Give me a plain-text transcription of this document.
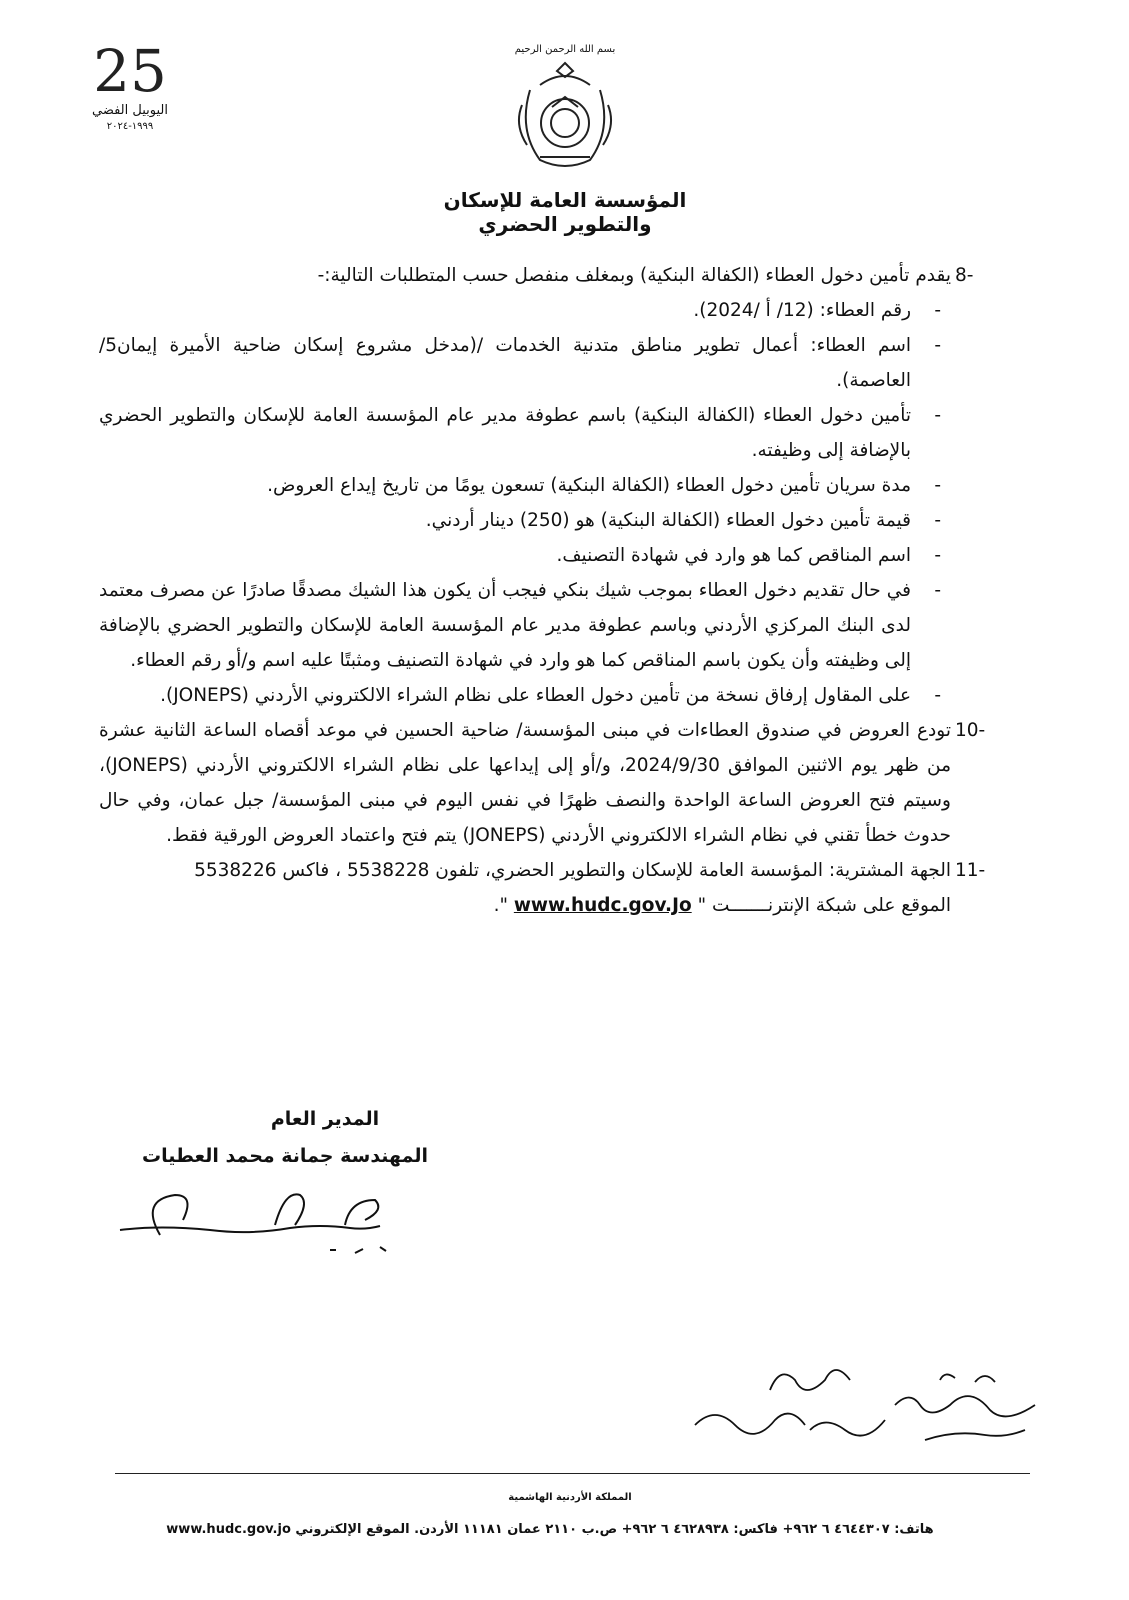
25
اليوبيل الفضي
١٩٩٩-٢٠٢٤
بسم الله الرحمن الرحيم
المؤسسة العامة للإسكان والتطوير الحضري
8-
يقدم تأمين دخول العطاء (الكفالة البنكية) وبمغلف منفصل حسب المتطلبات التالية:-
- رقم العطاء: (12/ أ /2024).
- اسم العطاء: أعمال تطوير مناطق متدنية الخدمات /(مدخل مشروع إسكان ضاحية الأميرة إيمان5/ العاصمة).
- تأمين دخول العطاء (الكفالة البنكية) باسم عطوفة مدير عام المؤسسة العامة للإسكان والتطوير الحضري بالإضافة إلى وظيفته.
- مدة سريان تأمين دخول العطاء (الكفالة البنكية) تسعون يومًا من تاريخ إيداع العروض.
- قيمة تأمين دخول العطاء (الكفالة البنكية) هو (250) دينار أردني.
- اسم المناقص كما هو وارد في شهادة التصنيف.
- في حال تقديم دخول العطاء بموجب شيك بنكي فيجب أن يكون هذا الشيك مصدقًا صادرًا عن مصرف معتمد لدى البنك المركزي الأردني وباسم عطوفة مدير عام المؤسسة العامة للإسكان والتطوير الحضري بالإضافة إلى وظيفته وأن يكون باسم المناقص كما هو وارد في شهادة التصنيف ومثبتًا عليه اسم و/أو رقم العطاء.
- على المقاول إرفاق نسخة من تأمين دخول العطاء على نظام الشراء الالكتروني الأردني (JONEPS).
10-
تودع العروض في صندوق العطاءات في مبنى المؤسسة/ ضاحية الحسين في موعد أقصاه الساعة الثانية عشرة من ظهر يوم الاثنين الموافق 2024/9/30، و/أو إلى إيداعها على نظام الشراء الالكتروني الأردني (JONEPS)، وسيتم فتح العروض الساعة الواحدة والنصف ظهرًا في نفس اليوم في مبنى المؤسسة/ جبل عمان، وفي حال حدوث خطأ تقني في نظام الشراء الالكتروني الأردني (JONEPS) يتم فتح واعتماد العروض الورقية فقط.
11-
الجهة المشترية: المؤسسة العامة للإسكان والتطوير الحضري، تلفون 5538228 ، فاكس 5538226
الموقع على شبكة الإنترنـــــــت " www.hudc.gov.Jo ".
المدير العام
المهندسة جمانة محمد العطيات
المملكة الأردنية الهاشمية
هاتف: ٤٦٤٤٣٠٧ ٦ ٩٦٢+ فاكس: ٤٦٢٨٩٣٨ ٦ ٩٦٢+ ص.ب ٢١١٠ عمان ١١١٨١ الأردن. الموقع الإلكتروني www.hudc.gov.jo
